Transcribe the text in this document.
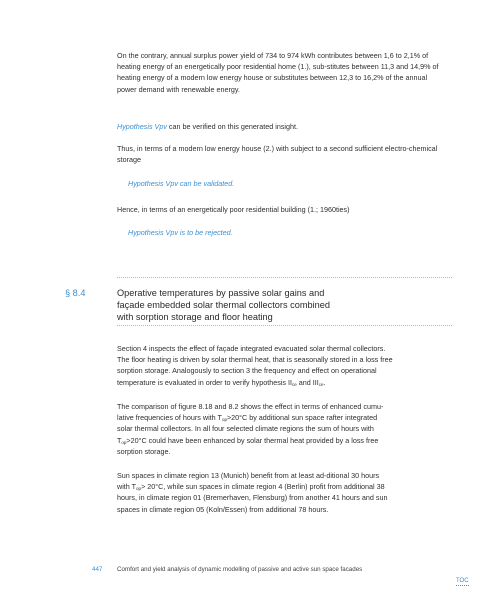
On the contrary, annual surplus power yield of 734 to 974 kWh contributes between 1,6 to 2,1% of heating energy of an energetically poor residential home (1.), sub-stitutes between 11,3 and 14,9% of heating energy of a modern low energy house or substitutes between 12,3 to 16,2% of the annual power demand with renewable energy.

Hypothesis Vpv can be verified on this generated insight.

Thus, in terms of a modern low energy house (2.) with subject to a second sufficient electro-chemical storage

Hypothesis Vpv can be validated.

Hence, in terms of an energetically poor residential building (1.; 1960ties)

Hypothesis Vpv is to be rejected.

§ 8.4	Operative temperatures by passive solar gains and
façade embedded solar thermal collectors combined
with sorption storage and floor heating
Section 4 inspects the effect of façade integrated evacuated solar thermal collectors.
The floor heating is driven by solar thermal heat, that is seasonally stored in a loss free
sorption storage. Analogously to section 3 the frequency and effect on operational
temperature is evaluated in order to verify hypothesis $II_{ce}$ and $III_{ce}$.
The comparison of figure 8.18 and 8.2 shows the effect in terms of enhanced cumu-
lative frequencies of hours with $T_{op}>20^\circ C$ by additional sun space rafter integrated
solar thermal collectors. In all four selected climate regions the sum of hours with
$T_{op}>20^\circ C$ could have been enhanced by solar thermal heat provided by a loss free
sorption storage.
Sun spaces in climate region 13 (Munich) benefit from at least ad-ditional 30 hours
with $T_{op}> 20^\circ C$, while sun spaces in climate region 4 (Berlin) profit from additional 38
hours, in climate region 01 (Bremerhaven, Flensburg) from another 41 hours and sun
spaces in climate region 05 (Koln/Essen) from additional 78 hours.
447 Comfort and yield analysis of dynamic modelling of passive and active sun space facades
TOC
